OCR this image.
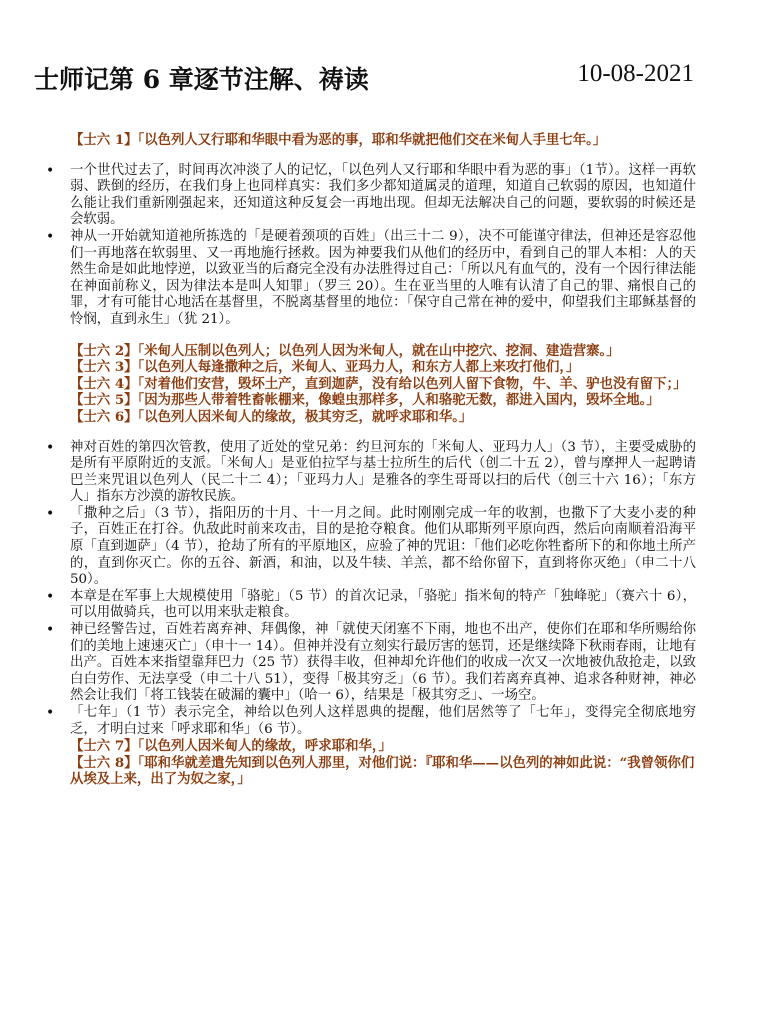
士师记第 6 章逐节注解、祷读	10-08-2021

【士六 1】「以色列人又行耶和华眼中看为恶的事，耶和华就把他们交在米甸人手里七年。」

• 一个世代过去了，时间再次冲淡了人的记忆，「以色列人又行耶和华眼中看为恶的事」（1节）。这样一再软弱、跌倒的经历，在我们身上也同样真实：我们多少都知道属灵的道理，知道自己软弱的原因，也知道什么能让我们重新刚强起来，还知道这种反复会一再地出现。但却无法解决自己的问题，要软弱的时候还是会软弱。
• 神从一开始就知道祂所拣选的「是硬着颈项的百姓」（出三十二 9），决不可能谨守律法，但神还是容忍他们一再地落在软弱里、又一再地施行拯救。因为神要我们从他们的经历中，看到自己的罪人本相：人的天然生命是如此地悖逆，以致亚当的后裔完全没有办法胜得过自己：「所以凡有血气的，没有一个因行律法能在神面前称义，因为律法本是叫人知罪」（罗三 20）。生在亚当里的人唯有认清了自己的罪、痛恨自己的罪，才有可能甘心地活在基督里，不脱离基督里的地位：「保守自己常在神的爱中，仰望我们主耶稣基督的怜悯，直到永生」（犹 21）。

【士六 2】「米甸人压制以色列人；以色列人因为米甸人，就在山中挖穴、挖洞、建造营寨。」

【士六 3】「以色列人每逢撒种之后，米甸人、亚玛力人，和东方人都上来攻打他们，」

【士六 4】「对着他们安营，毁坏土产，直到迦萨，没有给以色列人留下食物，牛、羊、驴也没有留下；」

【士六 5】「因为那些人带着牲畜帐棚来，像蝗虫那样多，人和骆驼无数，都进入国内，毁坏全地。」

【士六 6】「以色列人因米甸人的缘故，极其穷乏，就呼求耶和华。」

• 神对百姓的第四次管教，使用了近处的堂兄弟：约旦河东的「米甸人、亚玛力人」（3 节），主要受威胁的是所有平原附近的支派。「米甸人」是亚伯拉罕与基士拉所生的后代（创二十五 2），曾与摩押人一起聘请巴兰来咒诅以色列人（民二十二 4）；「亚玛力人」是雅各的孪生哥哥以扫的后代（创三十六 16）；「东方人」指东方沙漠的游牧民族。
• 「撒种之后」（3 节），指阳历的十月、十一月之间。此时刚刚完成一年的收割，也撒下了大麦小麦的种子，百姓正在打谷。仇敌此时前来攻击，目的是抢夺粮食。他们从耶斯列平原向西，然后向南顺着沿海平原「直到迦萨」（4 节），抢劫了所有的平原地区，应验了神的咒诅：「他们必吃你牲畜所下的和你地土所产的，直到你灭亡。你的五谷、新酒，和油，以及牛犊、羊羔，都不给你留下，直到将你灭绝」（申二十八 50）。
• 本章是在军事上大规模使用「骆驼」（5 节）的首次记录，「骆驼」指米甸的特产「独峰驼」（赛六十 6），可以用做骑兵，也可以用来驮走粮食。
• 神已经警告过，百姓若离弃神、拜偶像，神「就使天闭塞不下雨，地也不出产，使你们在耶和华所赐给你们的美地上速速灭亡」（申十一 14）。但神并没有立刻实行最厉害的惩罚，还是继续降下秋雨春雨，让地有出产。百姓本来指望靠拜巴力（25 节）获得丰收，但神却允许他们的收成一次又一次地被仇敌抢走，以致白白劳作、无法享受（申二十八 51），变得「极其穷乏」（6 节）。我们若离弃真神、追求各种财神，神必然会让我们「将工钱装在破漏的囊中」（哈一 6），结果是「极其穷乏」、一场空。
• 「七年」（1 节）表示完全，神给以色列人这样恩典的提醒，他们居然等了「七年」，变得完全彻底地穷乏，才明白过来「呼求耶和华」（6 节）。

【士六 7】「以色列人因米甸人的缘故，呼求耶和华，」

【士六 8】「耶和华就差遣先知到以色列人那里，对他们说：『耶和华——以色列的神如此说：“我曾领你们从埃及上来，出了为奴之家，」
